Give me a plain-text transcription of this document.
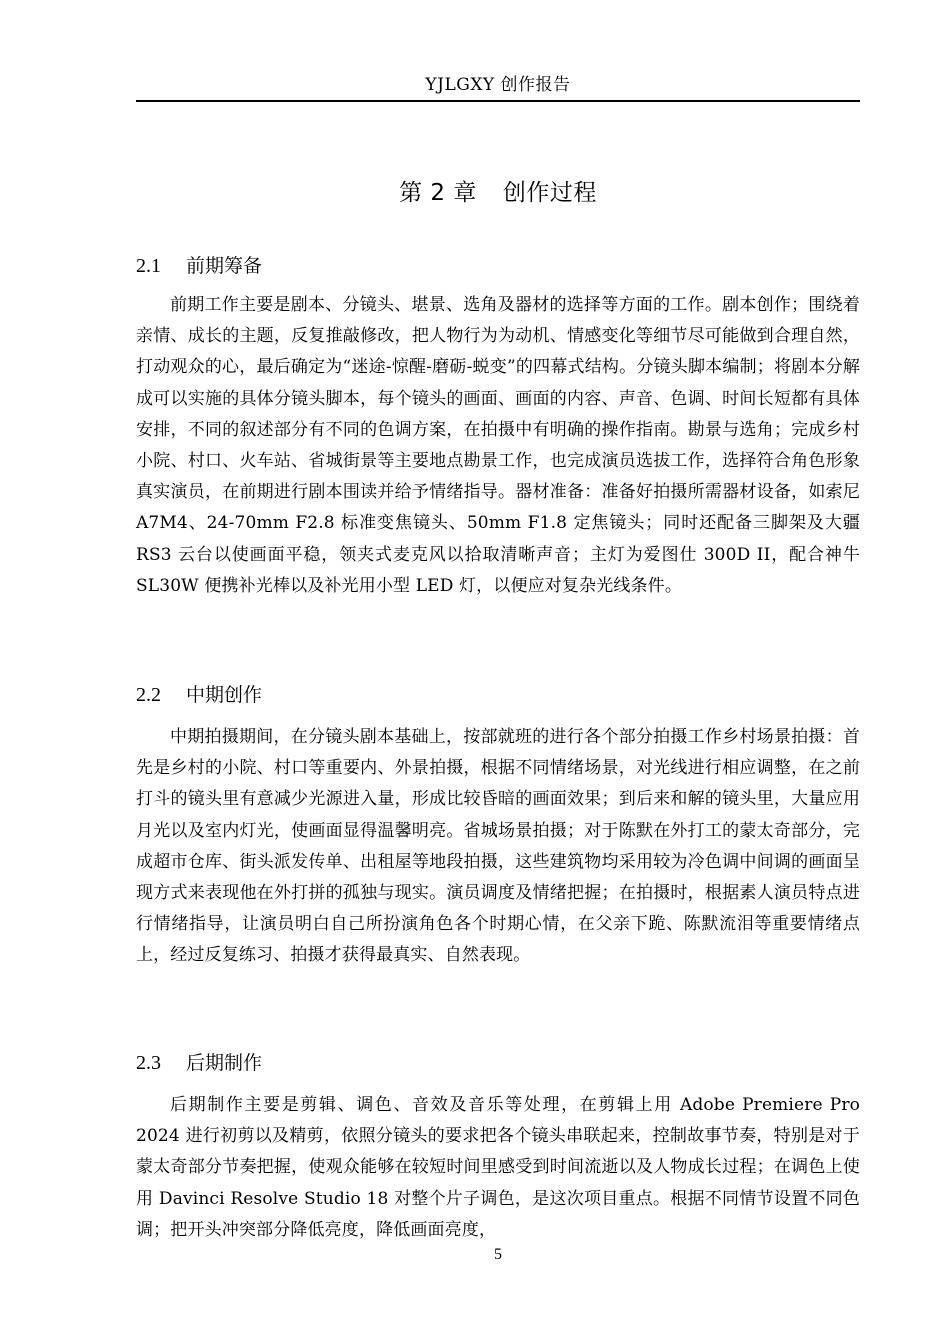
YJLGXY 创作报告
第 2 章 创作过程
2.1 前期筹备

前期工作主要是剧本、分镜头、堪景、选角及器材的选择等方面的工作。剧本创作；围绕着亲情、成长的主题，反复推敲修改，把人物行为为动机、情感变化等细节尽可能做到合理自然，打动观众的心，最后确定为“迷途-惊醒-磨砺-蜕变”的四幕式结构。分镜头脚本编制；将剧本分解成可以实施的具体分镜头脚本，每个镜头的画面、画面的内容、声音、色调、时间长短都有具体安排，不同的叙述部分有不同的色调方案，在拍摄中有明确的操作指南。勘景与选角；完成乡村小院、村口、火车站、省城街景等主要地点勘景工作，也完成演员选拔工作，选择符合角色形象真实演员，在前期进行剧本围读并给予情绪指导。器材准备：准备好拍摄所需器材设备，如索尼 A7M4、24-70mm F2.8 标准变焦镜头、50mm F1.8 定焦镜头；同时还配备三脚架及大疆 RS3 云台以使画面平稳，领夹式麦克风以拾取清晰声音；主灯为爱图仕 300D II，配合神牛 SL30W 便携补光棒以及补光用小型 LED 灯，以便应对复杂光线条件。

2.2 中期创作

中期拍摄期间，在分镜头剧本基础上，按部就班的进行各个部分拍摄工作乡村场景拍摄：首先是乡村的小院、村口等重要内、外景拍摄，根据不同情绪场景，对光线进行相应调整，在之前打斗的镜头里有意减少光源进入量，形成比较昏暗的画面效果；到后来和解的镜头里，大量应用月光以及室内灯光，使画面显得温馨明亮。省城场景拍摄；对于陈默在外打工的蒙太奇部分，完成超市仓库、街头派发传单、出租屋等地段拍摄，这些建筑物均采用较为冷色调中间调的画面呈现方式来表现他在外打拼的孤独与现实。演员调度及情绪把握；在拍摄时，根据素人演员特点进行情绪指导，让演员明白自己所扮演角色各个时期心情，在父亲下跪、陈默流泪等重要情绪点上，经过反复练习、拍摄才获得最真实、自然表现。

2.3 后期制作

后期制作主要是剪辑、调色、音效及音乐等处理，在剪辑上用 Adobe Premiere Pro 2024 进行初剪以及精剪，依照分镜头的要求把各个镜头串联起来，控制故事节奏，特别是对于蒙太奇部分节奏把握，使观众能够在较短时间里感受到时间流逝以及人物成长过程；在调色上使用 Davinci Resolve Studio 18 对整个片子调色，是这次项目重点。根据不同情节设置不同色调；把开头冲突部分降低亮度，降低画面亮度，

5
